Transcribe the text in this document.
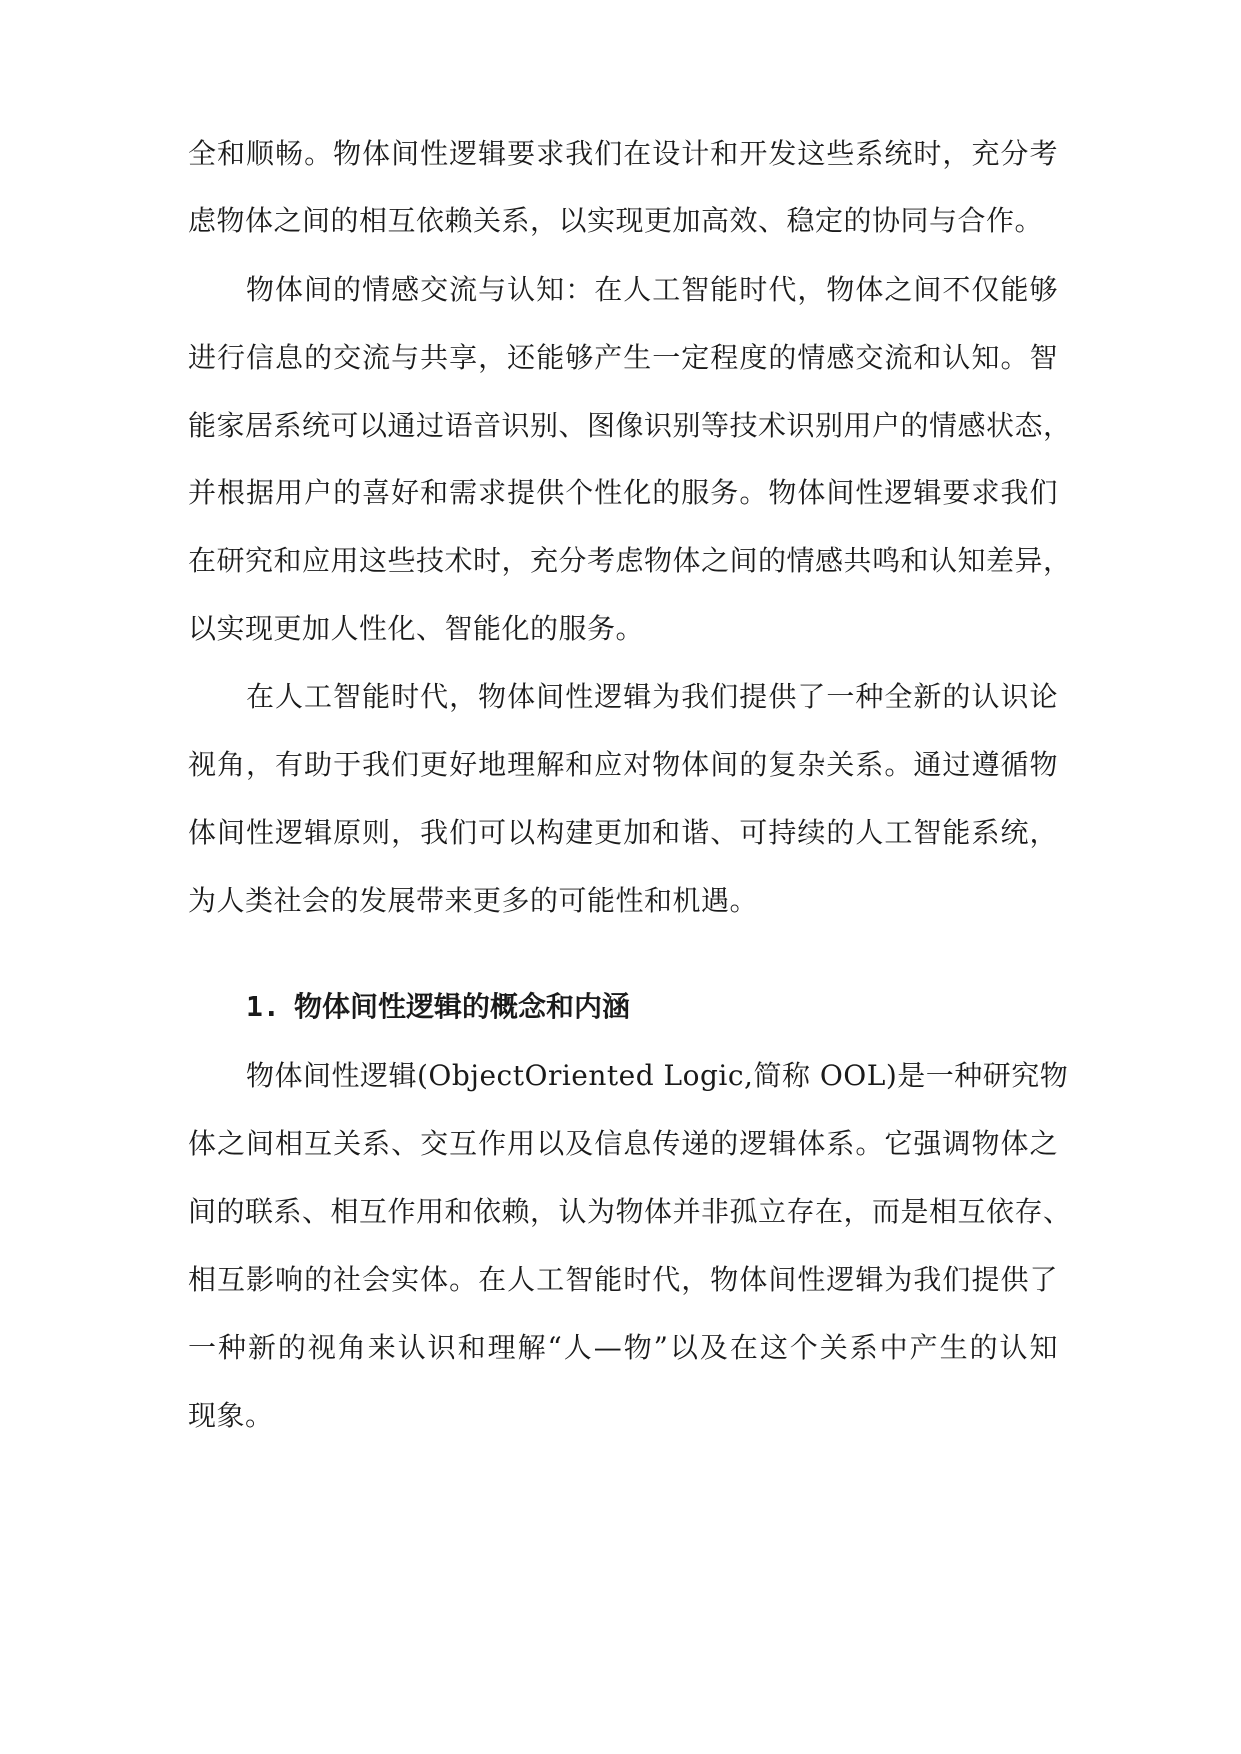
全和顺畅。物体间性逻辑要求我们在设计和开发这些系统时，充分考
虑物体之间的相互依赖关系，以实现更加高效、稳定的协同与合作。
物体间的情感交流与认知：在人工智能时代，物体之间不仅能够
进行信息的交流与共享，还能够产生一定程度的情感交流和认知。智
能家居系统可以通过语音识别、图像识别等技术识别用户的情感状态，
并根据用户的喜好和需求提供个性化的服务。物体间性逻辑要求我们
在研究和应用这些技术时，充分考虑物体之间的情感共鸣和认知差异，
以实现更加人性化、智能化的服务。
在人工智能时代，物体间性逻辑为我们提供了一种全新的认识论
视角，有助于我们更好地理解和应对物体间的复杂关系。通过遵循物
体间性逻辑原则，我们可以构建更加和谐、可持续的人工智能系统，
为人类社会的发展带来更多的可能性和机遇。
1. 物体间性逻辑的概念和内涵
物体间性逻辑(ObjectOriented Logic,简称 OOL)是一种研究物
体之间相互关系、交互作用以及信息传递的逻辑体系。它强调物体之
间的联系、相互作用和依赖，认为物体并非孤立存在，而是相互依存、
相互影响的社会实体。在人工智能时代，物体间性逻辑为我们提供了
一种新的视角来认识和理解“人—物”以及在这个关系中产生的认知
现象。
